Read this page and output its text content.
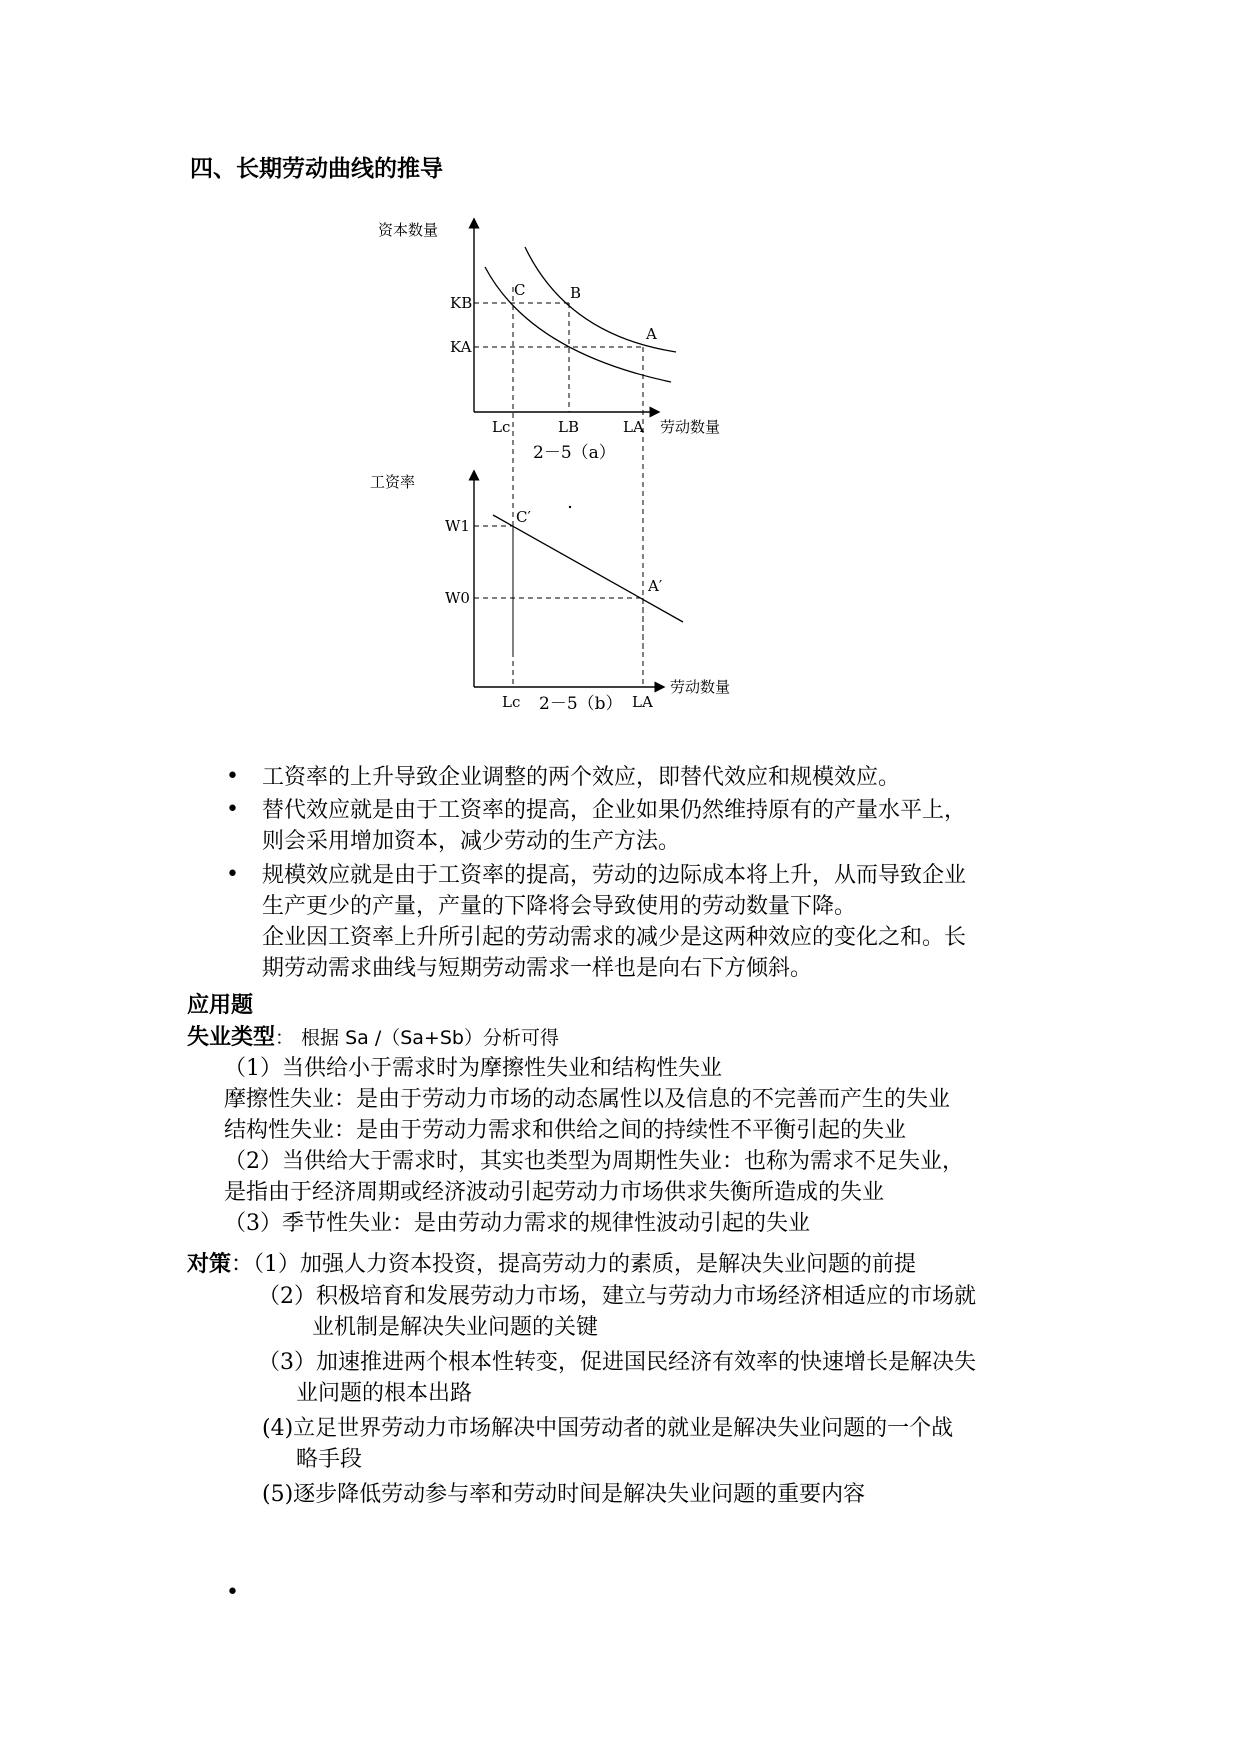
四、长期劳动曲线的推导
资本数量
劳动数量
KB
KA
Lc	LB	LA
C	B
A
2－5（a）
工资率
劳动数量
W1
W0
Lc	LA
C′
A′
2－5（b）
• 工资率的上升导致企业调整的两个效应，即替代效应和规模效应。
• 替代效应就是由于工资率的提高，企业如果仍然维持原有的产量水平上，
则会采用增加资本，减少劳动的生产方法。
• 规模效应就是由于工资率的提高，劳动的边际成本将上升，从而导致企业
生产更少的产量，产量的下降将会导致使用的劳动数量下降。
企业因工资率上升所引起的劳动需求的减少是这两种效应的变化之和。长
期劳动需求曲线与短期劳动需求一样也是向右下方倾斜。
应用题
失业类型： 根据 Sa /（Sa+Sb）分析可得
（1）当供给小于需求时为摩擦性失业和结构性失业
摩擦性失业：是由于劳动力市场的动态属性以及信息的不完善而产生的失业
结构性失业：是由于劳动力需求和供给之间的持续性不平衡引起的失业
（2）当供给大于需求时，其实也类型为周期性失业：也称为需求不足失业，
是指由于经济周期或经济波动引起劳动力市场供求失衡所造成的失业
（3）季节性失业：是由劳动力需求的规律性波动引起的失业
对策：（1）加强人力资本投资，提高劳动力的素质，是解决失业问题的前提
（2）积极培育和发展劳动力市场，建立与劳动力市场经济相适应的市场就
业机制是解决失业问题的关键
（3）加速推进两个根本性转变，促进国民经济有效率的快速增长是解决失
业问题的根本出路
(4)立足世界劳动力市场解决中国劳动者的就业是解决失业问题的一个战
略手段
(5)逐步降低劳动参与率和劳动时间是解决失业问题的重要内容
•
